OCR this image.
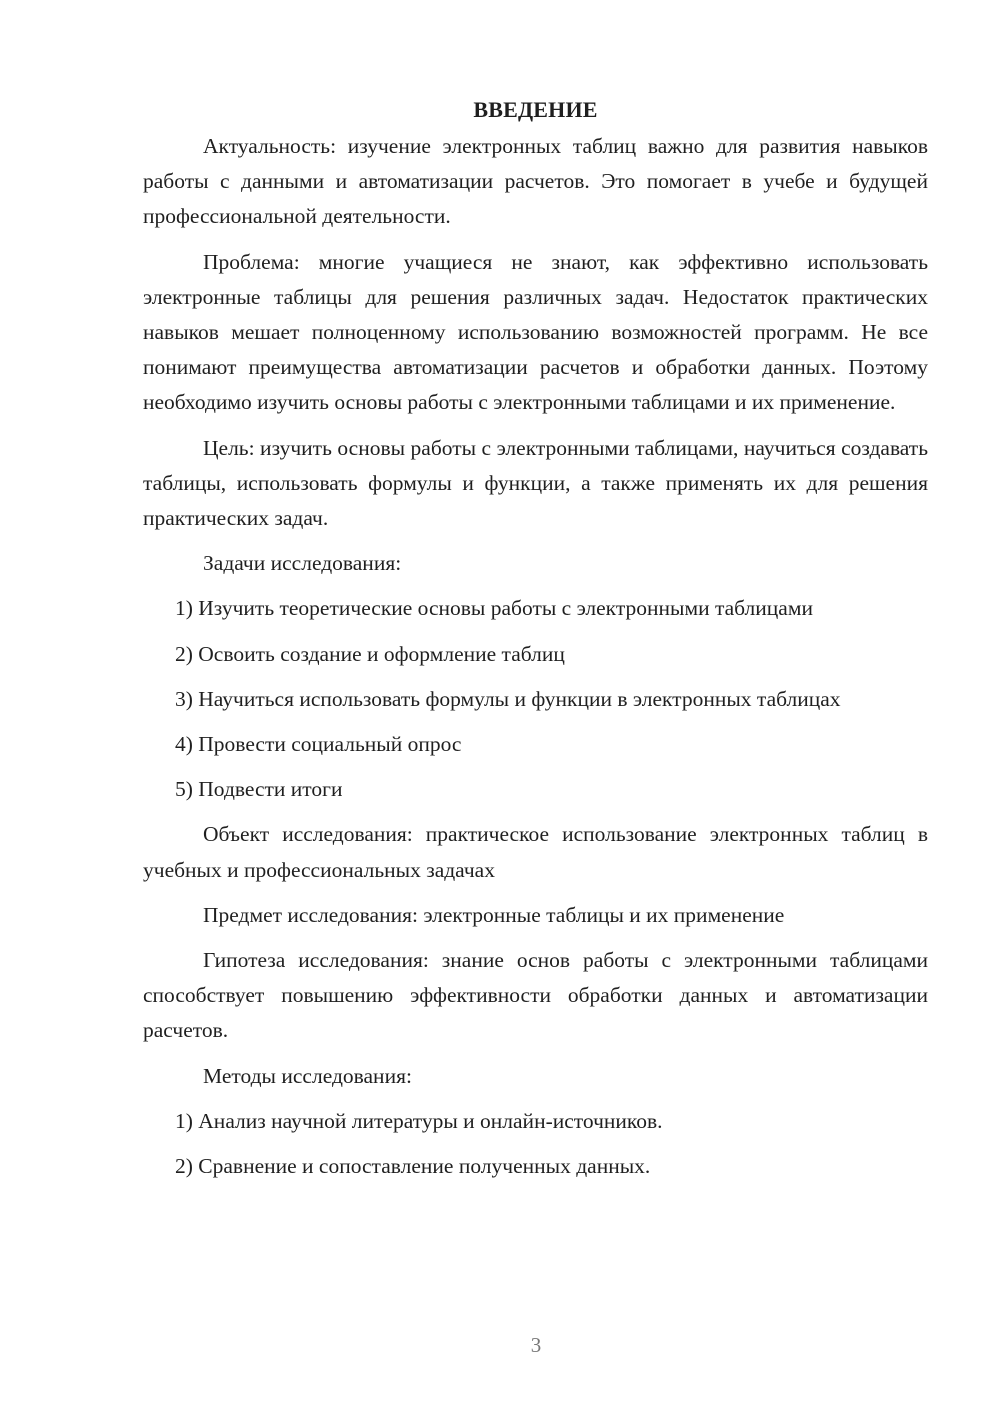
ВВЕДЕНИЕ

Актуальность: изучение электронных таблиц важно для развития навыков работы с данными и автоматизации расчетов. Это помогает в учебе и будущей профессиональной деятельности.

Проблема: многие учащиеся не знают, как эффективно использовать электронные таблицы для решения различных задач. Недостаток практических навыков мешает полноценному использованию возможностей программ. Не все понимают преимущества автоматизации расчетов и обработки данных. Поэтому необходимо изучить основы работы с электронными таблицами и их применение.

Цель: изучить основы работы с электронными таблицами, научиться создавать таблицы, использовать формулы и функции, а также применять их для решения практических задач.

Задачи исследования:

1) Изучить теоретические основы работы с электронными таблицами
2) Освоить создание и оформление таблиц
3) Научиться использовать формулы и функции в электронных таблицах
4) Провести социальный опрос
5) Подвести итоги

Объект исследования: практическое использование электронных таблиц в учебных и профессиональных задачах

Предмет исследования: электронные таблицы и их применение

Гипотеза исследования: знание основ работы с электронными таблицами способствует повышению эффективности обработки данных и автоматизации расчетов.

Методы исследования:

1) Анализ научной литературы и онлайн-источников.
2) Сравнение и сопоставление полученных данных.
3
